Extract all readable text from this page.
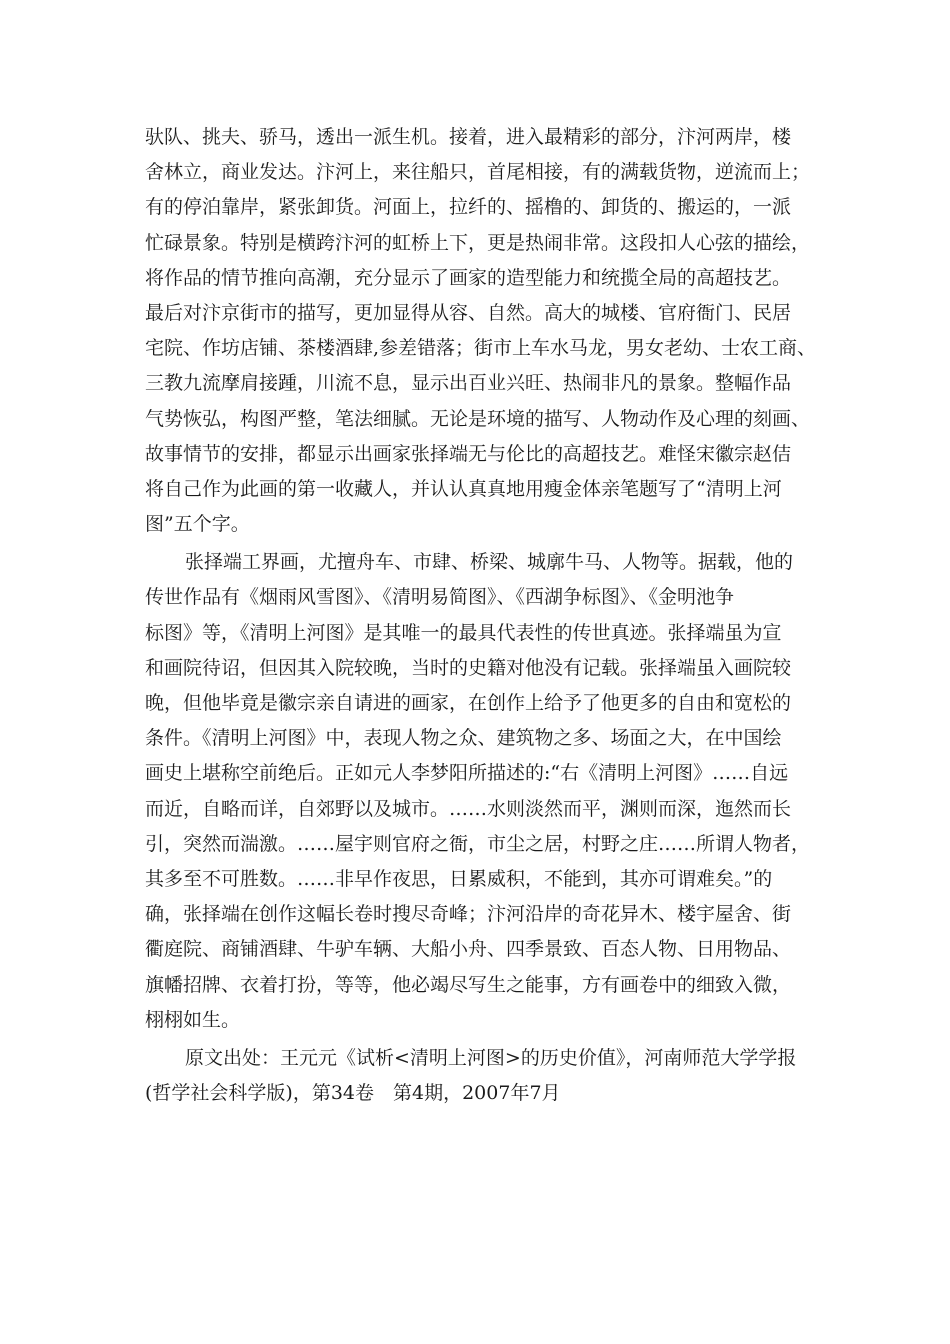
驮队、挑夫、骄马，透出一派生机。接着，进入最精彩的部分，汴河两岸，楼
舍林立，商业发达。汴河上，来往船只，首尾相接，有的满载货物，逆流而上；
有的停泊靠岸，紧张卸货。河面上，拉纤的、摇橹的、卸货的、搬运的，一派
忙碌景象。特别是横跨汴河的虹桥上下，更是热闹非常。这段扣人心弦的描绘，
将作品的情节推向高潮，充分显示了画家的造型能力和统揽全局的高超技艺。
最后对汴京街市的描写，更加显得从容、自然。高大的城楼、官府衙门、民居
宅院、作坊店铺、茶楼酒肆,参差错落；街市上车水马龙，男女老幼、士农工商、
三教九流摩肩接踵，川流不息，显示出百业兴旺、热闹非凡的景象。整幅作品
气势恢弘，构图严整，笔法细腻。无论是环境的描写、人物动作及心理的刻画、
故事情节的安排，都显示出画家张择端无与伦比的高超技艺。难怪宋徽宗赵佶
将自己作为此画的第一收藏人，并认认真真地用瘦金体亲笔题写了“清明上河
图”五个字。
张择端工界画，尤擅舟车、市肆、桥梁、城廓牛马、人物等。据载，他的
传世作品有《烟雨风雪图》、《清明易简图》、《西湖争标图》、《金明池争
标图》等，《清明上河图》是其唯一的最具代表性的传世真迹。张择端虽为宣
和画院待诏，但因其入院较晚，当时的史籍对他没有记载。张择端虽入画院较
晚，但他毕竟是徽宗亲自请进的画家，在创作上给予了他更多的自由和宽松的
条件。《清明上河图》中，表现人物之众、建筑物之多、场面之大，在中国绘
画史上堪称空前绝后。正如元人李梦阳所描述的:“右《清明上河图》……自远
而近，自略而详，自郊野以及城市。……水则淡然而平，渊则而深，迤然而长
引，突然而湍激。……屋宇则官府之衙，市尘之居，村野之庄……所谓人物者，
其多至不可胜数。……非早作夜思，日累威积，不能到，其亦可谓难矣。”的
确，张择端在创作这幅长卷时搜尽奇峰；汴河沿岸的奇花异木、楼宇屋舍、街
衢庭院、商铺酒肆、牛驴车辆、大船小舟、四季景致、百态人物、日用物品、
旗幡招牌、衣着打扮，等等，他必竭尽写生之能事，方有画卷中的细致入微，
栩栩如生。
原文出处：王元元《试析<清明上河图>的历史价值》，河南师范大学学报
(哲学社会科学版)，第34卷　第4期，2007年7月
